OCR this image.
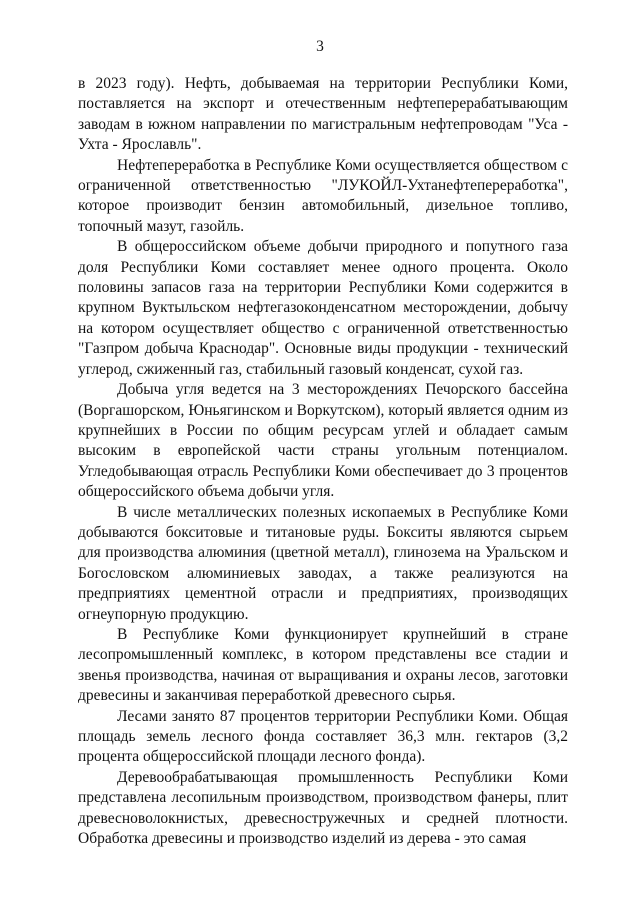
3

в 2023 году). Нефть, добываемая на территории Республики Коми, поставляется на экспорт и отечественным нефтеперерабатывающим заводам в южном направлении по магистральным нефтепроводам "Уса - Ухта - Ярославль".

Нефтепереработка в Республике Коми осуществляется обществом с ограниченной ответственностью "ЛУКОЙЛ-Ухтанефтепереработка", которое производит бензин автомобильный, дизельное топливо, топочный мазут, газойль.

В общероссийском объеме добычи природного и попутного газа доля Республики Коми составляет менее одного процента. Около половины запасов газа на территории Республики Коми содержится в крупном Вуктыльском нефтегазоконденсатном месторождении, добычу на котором осуществляет общество с ограниченной ответственностью "Газпром добыча Краснодар". Основные виды продукции - технический углерод, сжиженный газ, стабильный газовый конденсат, сухой газ.

Добыча угля ведется на 3 месторождениях Печорского бассейна (Воргашорском, Юньягинском и Воркутском), который является одним из крупнейших в России по общим ресурсам углей и обладает самым высоким в европейской части страны угольным потенциалом. Угледобывающая отрасль Республики Коми обеспечивает до 3 процентов общероссийского объема добычи угля.

В числе металлических полезных ископаемых в Республике Коми добываются бокситовые и титановые руды. Бокситы являются сырьем для производства алюминия (цветной металл), глинозема на Уральском и Богословском алюминиевых заводах, а также реализуются на предприятиях цементной отрасли и предприятиях, производящих огнеупорную продукцию.

В Республике Коми функционирует крупнейший в стране лесопромышленный комплекс, в котором представлены все стадии и звенья производства, начиная от выращивания и охраны лесов, заготовки древесины и заканчивая переработкой древесного сырья.

Лесами занято 87 процентов территории Республики Коми. Общая площадь земель лесного фонда составляет 36,3 млн. гектаров (3,2 процента общероссийской площади лесного фонда).

Деревообрабатывающая промышленность Республики Коми представлена лесопильным производством, производством фанеры, плит древесноволокнистых, древесностружечных и средней плотности. Обработка древесины и производство изделий из дерева - это самая
